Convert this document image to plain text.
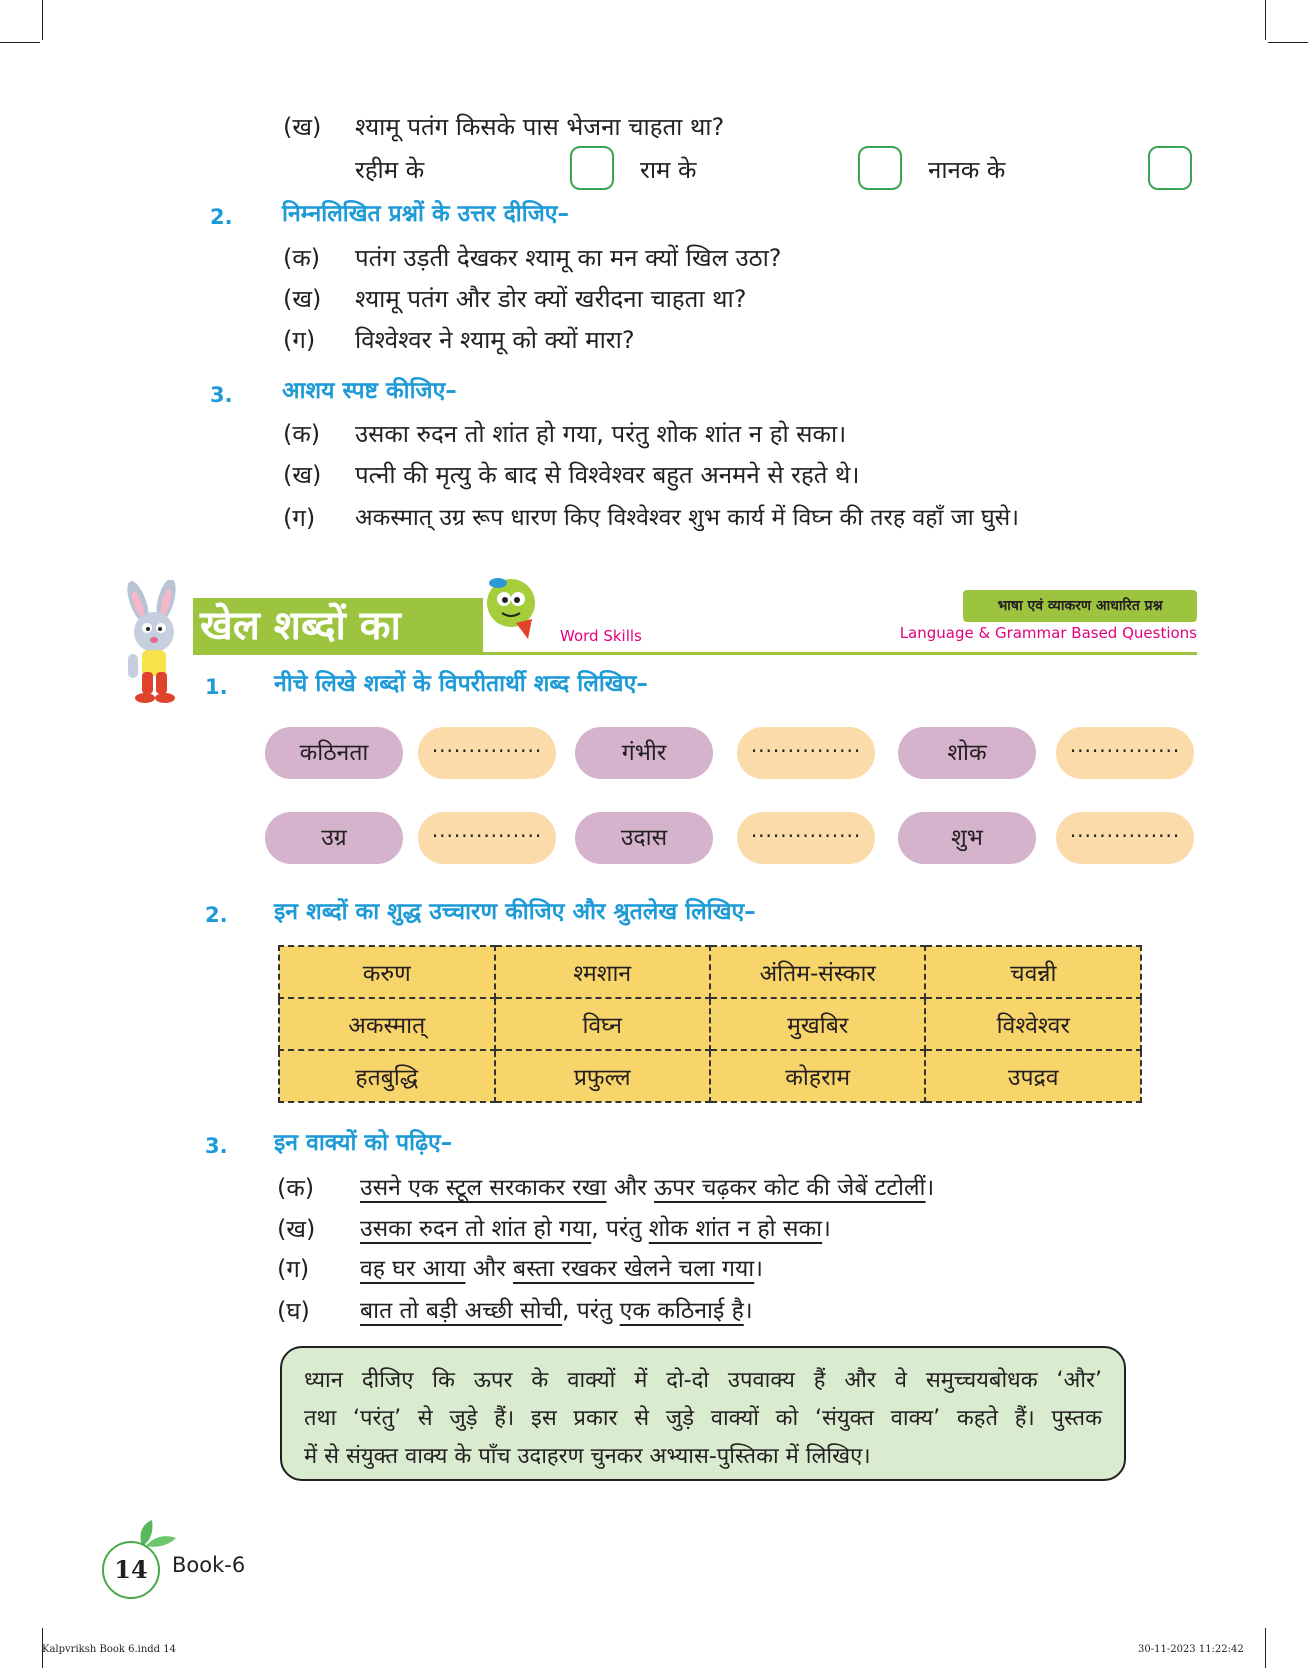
(ख) श्यामू पतंग किसके पास भेजना चाहता था?
रहीम के	राम के	नानक के
2. निम्नलिखित प्रश्नों के उत्तर दीजिए–
(क) पतंग उड़ती देखकर श्यामू का मन क्यों खिल उठा?
(ख) श्यामू पतंग और डोर क्यों खरीदना चाहता था?
(ग) विश्वेश्वर ने श्यामू को क्यों मारा?
3. आशय स्पष्ट कीजिए–
(क) उसका रुदन तो शांत हो गया, परंतु शोक शांत न हो सका।
(ख) पत्नी की मृत्यु के बाद से विश्वेश्वर बहुत अनमने से रहते थे।
(ग) अकस्मात् उग्र रूप धारण किए विश्वेश्वर शुभ कार्य में विघ्न की तरह वहाँ जा घुसे।
खेल शब्दों का	Word Skills
भाषा एवं व्याकरण आधारित प्रश्न
Language & Grammar Based Questions
1. नीचे लिखे शब्दों के विपरीतार्थी शब्द लिखिए–
कठिनता	...............	गंभीर	...............	शोक	...............
उग्र	...............	उदास	...............	शुभ	...............
2. इन शब्दों का शुद्ध उच्चारण कीजिए और श्रुतलेख लिखिए–
करुण	श्मशान	अंतिम-संस्कार	चवन्नी
अकस्मात्	विघ्न	मुखबिर	विश्वेश्वर
हतबुद्धि	प्रफुल्ल	कोहराम	उपद्रव
3. इन वाक्यों को पढ़िए–
(क) उसने एक स्टूल सरकाकर रखा और ऊपर चढ़कर कोट की जेबें टटोलीं।
(ख) उसका रुदन तो शांत हो गया, परंतु शोक शांत न हो सका।
(ग) वह घर आया और बस्ता रखकर खेलने चला गया।
(घ) बात तो बड़ी अच्छी सोची, परंतु एक कठिनाई है।

ध्यान दीजिए कि ऊपर के वाक्यों में दो-दो उपवाक्य हैं और वे समुच्चयबोधक ‘और’

तथा ‘परंतु’ से जुड़े हैं। इस प्रकार से जुड़े वाक्यों को ‘संयुक्त वाक्य’ कहते हैं। पुस्तक

में से संयुक्त वाक्य के पाँच उदाहरण चुनकर अभ्यास-पुस्तिका में लिखिए।

14	Book-6
Kalpvriksh Book 6.indd 14	30-11-2023 11:22:42
